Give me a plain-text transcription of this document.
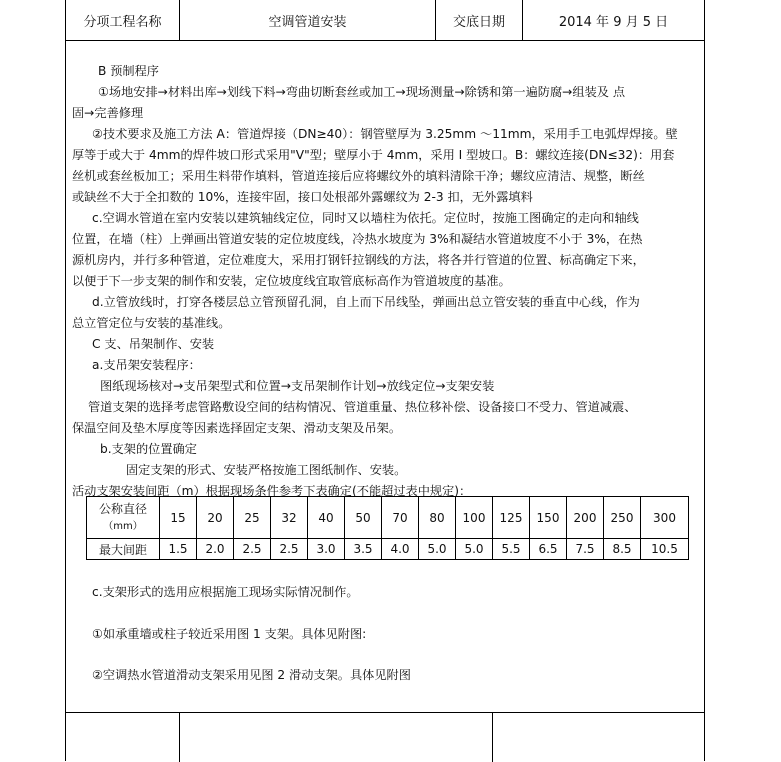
分项工程名称	空调管道安装	交底日期	2014 年 9 月 5 日
B 预制程序
①场地安排→材料出库→划线下料→弯曲切断套丝或加工→现场测量→除锈和第一遍防腐→组装及 点
固→完善修理
②技术要求及施工方法 A：管道焊接（DN≥40）：钢管壁厚为 3.25mm ～11mm，采用手工电弧焊焊接。壁
厚等于或大于 4mm的焊件坡口形式采用"V"型；壁厚小于 4mm，采用 I 型坡口。B：螺纹连接(DN≤32)：用套
丝机或套丝板加工；采用生料带作填料，管道连接后应将螺纹外的填料清除干净；螺纹应清洁、规整，断丝
或缺丝不大于全扣数的 10%，连接牢固，接口处根部外露螺纹为 2-3 扣，无外露填料
c.空调水管道在室内安装以建筑轴线定位，同时又以墙柱为依托。定位时，按施工图确定的走向和轴线
位置，在墙（柱）上弹画出管道安装的定位坡度线，冷热水坡度为 3%和凝结水管道坡度不小于 3%，在热
源机房内，并行多种管道，定位难度大，采用打钢钎拉钢线的方法，将各并行管道的位置、标高确定下来，
以便于下一步支架的制作和安装，定位坡度线宜取管底标高作为管道坡度的基准。
d.立管放线时，打穿各楼层总立管预留孔洞，自上而下吊线坠，弹画出总立管安装的垂直中心线，作为
总立管定位与安装的基准线。
C 支、吊架制作、安装
a.支吊架安装程序：
图纸现场核对→支吊架型式和位置→支吊架制作计划→放线定位→支架安装
管道支架的选择考虑管路敷设空间的结构情况、管道重量、热位移补偿、设备接口不受力、管道减震、
保温空间及垫木厚度等因素选择固定支架、滑动支架及吊架。
b.支架的位置确定
固定支架的形式、安装严格按施工图纸制作、安装。
活动支架安装间距（m）根据现场条件参考下表确定(不能超过表中规定)：
公称直径
（mm）	15	20	25	32	40	50	70	80	100	125	150	200	250	300
最大间距	1.5	2.0	2.5	2.5	3.0	3.5	4.0	5.0	5.0	5.5	6.5	7.5	8.5	10.5
c.支架形式的选用应根据施工现场实际情况制作。
①如承重墙或柱子较近采用图 1 支架。具体见附图:
②空调热水管道滑动支架采用见图 2 滑动支架。具体见附图
